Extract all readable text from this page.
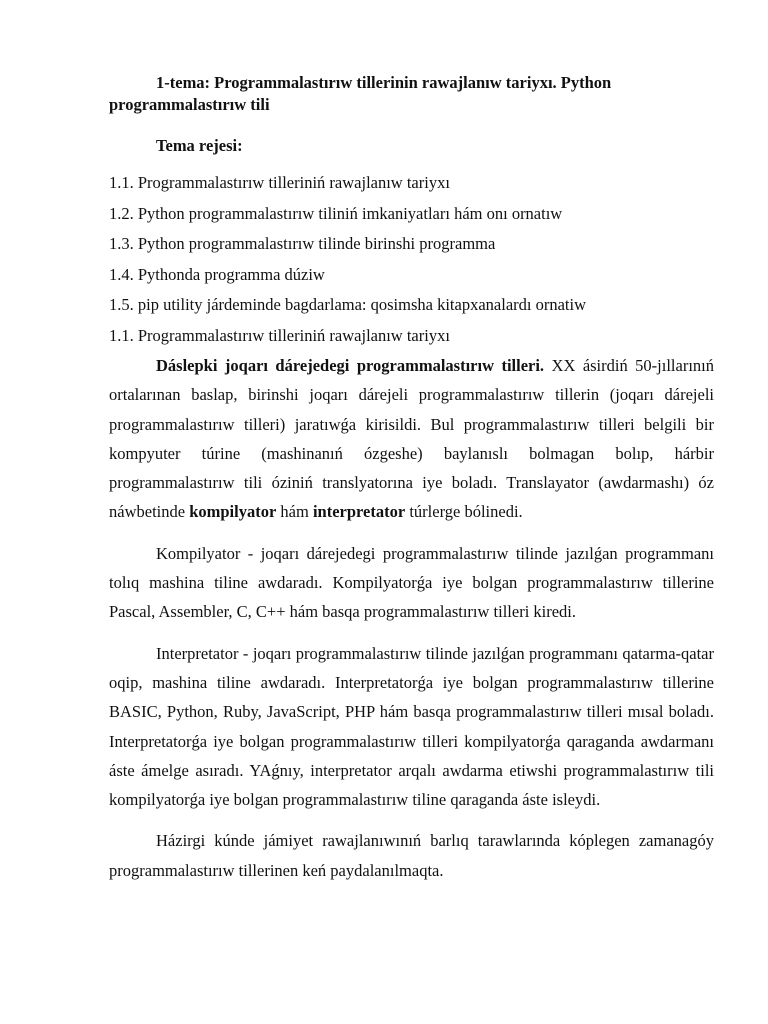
1-tema: Programmalastırıw tillerinin rawajlanıw tariyxı. Python programmalastırıw tili

Tema rejesi:

1.1. Programmalastırıw tilleriniń rawajlanıw tariyxı
1.2. Python programmalastırıw tiliniń imkaniyatları hám onı ornatıw
1.3. Python programmalastırıw tilinde birinshi programma
1.4. Pythonda programma dúziw
1.5. pip utility járdeminde bagdarlama: qosimsha kitapxanalardı ornatiw
1.1. Programmalastırıw tilleriniń rawajlanıw tariyxı

Dáslepki joqarı dárejedegi programmalastırıw tilleri. XX ásirdiń 50-jıllarınıń ortalarınan baslap, birinshi joqarı dárejeli programmalastırıw tillerin (joqarı dárejeli programmalastırıw tilleri) jaratıwǵa kirisildi. Bul programmalastırıw tilleri belgili bir kompyuter túrine (mashinanıń ózgeshe) baylanıslı bolmagan bolıp, hárbir programmalastırıw tili óziniń translyatorına iye boladı. Translayator (awdarmashı) óz náwbetinde kompilyator hám interpretator túrlerge bólinedi.

Kompilyator - joqarı dárejedegi programmalastırıw tilinde jazılǵan programmanı tolıq mashina tiline awdaradı. Kompilyatorǵa iye bolgan programmalastırıw tillerine Pascal, Assembler, C, C++ hám basqa programmalastırıw tilleri kiredi.

Interpretator - joqarı programmalastırıw tilinde jazılǵan programmanı qatarma-qatar oqip, mashina tiline awdaradı. Interpretatorǵa iye bolgan programmalastırıw tillerine BASIC, Python, Ruby, JavaScript, PHP hám basqa programmalastırıw tilleri mısal boladı. Interpretatorǵa iye bolgan programmalastırıw tilleri kompilyatorǵa qaraganda awdarmanı áste ámelge asıradı. YAǵnıy, interpretator arqalı awdarma etiwshi programmalastırıw tili kompilyatorǵa iye bolgan programmalastırıw tiline qaraganda áste isleydi.

Házirgi kúnde jámiyet rawajlanıwınıń barlıq tarawlarında kóplegen zamanagóy programmalastırıw tillerinen keń paydalanılmaqta.
